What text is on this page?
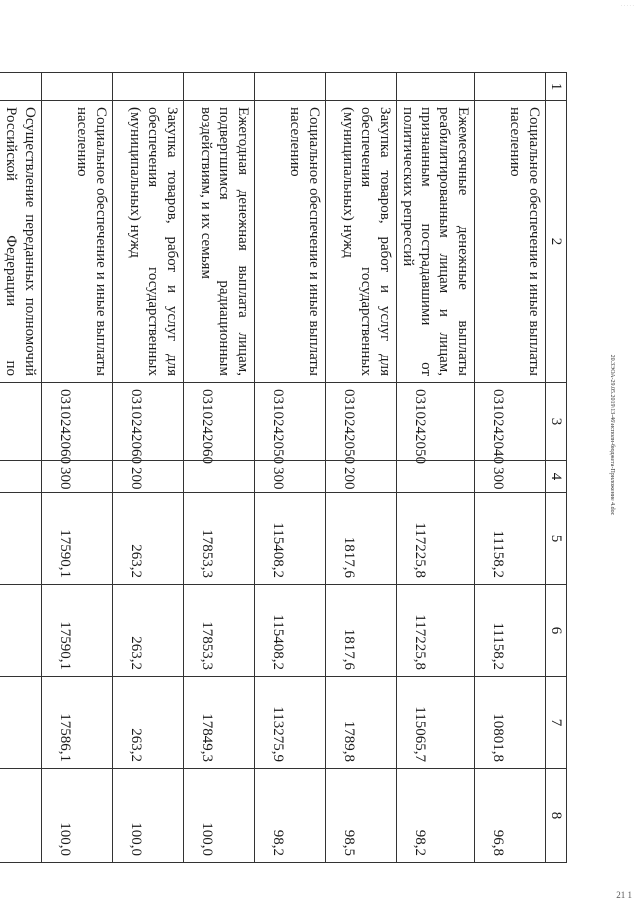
20.3ЭОА-29.05.2019\13-46\исполн-бюджета-Приложение 4.doc
· · · · ·
21 1
1	2	3	4	5	6	7	8
	Социальное обеспечение и иные выплаты населению	0310242040	300	11158,2	11158,2	10801,8	96,8
	Ежемесячные денежные выплаты реабилитированным лицам и лицам, признанным пострадавшими от политических репрессий	0310242050		117225,8	117225,8	115065,7	98,2
	Закупка товаров, работ и услуг для обеспечения государственных (муниципальных) нужд	0310242050	200	1817,6	1817,6	1789,8	98,5
	Социальное обеспечение и иные выплаты населению	0310242050	300	115408,2	115408,2	113275,9	98,2
	Ежегодная денежная выплата лицам, подвергшимся радиационным воздействиям, и их семьям	0310242060		17853,3	17853,3	17849,3	100,0
	Закупка товаров, работ и услуг для обеспечения государственных (муниципальных) нужд	0310242060	200	263,2	263,2	263,2	100,0
	Социальное обеспечение и иные выплаты населению	0310242060	300	17590,1	17590,1	17586,1	100,0
	Осуществление переданных полномочий Российской Федерации по						
